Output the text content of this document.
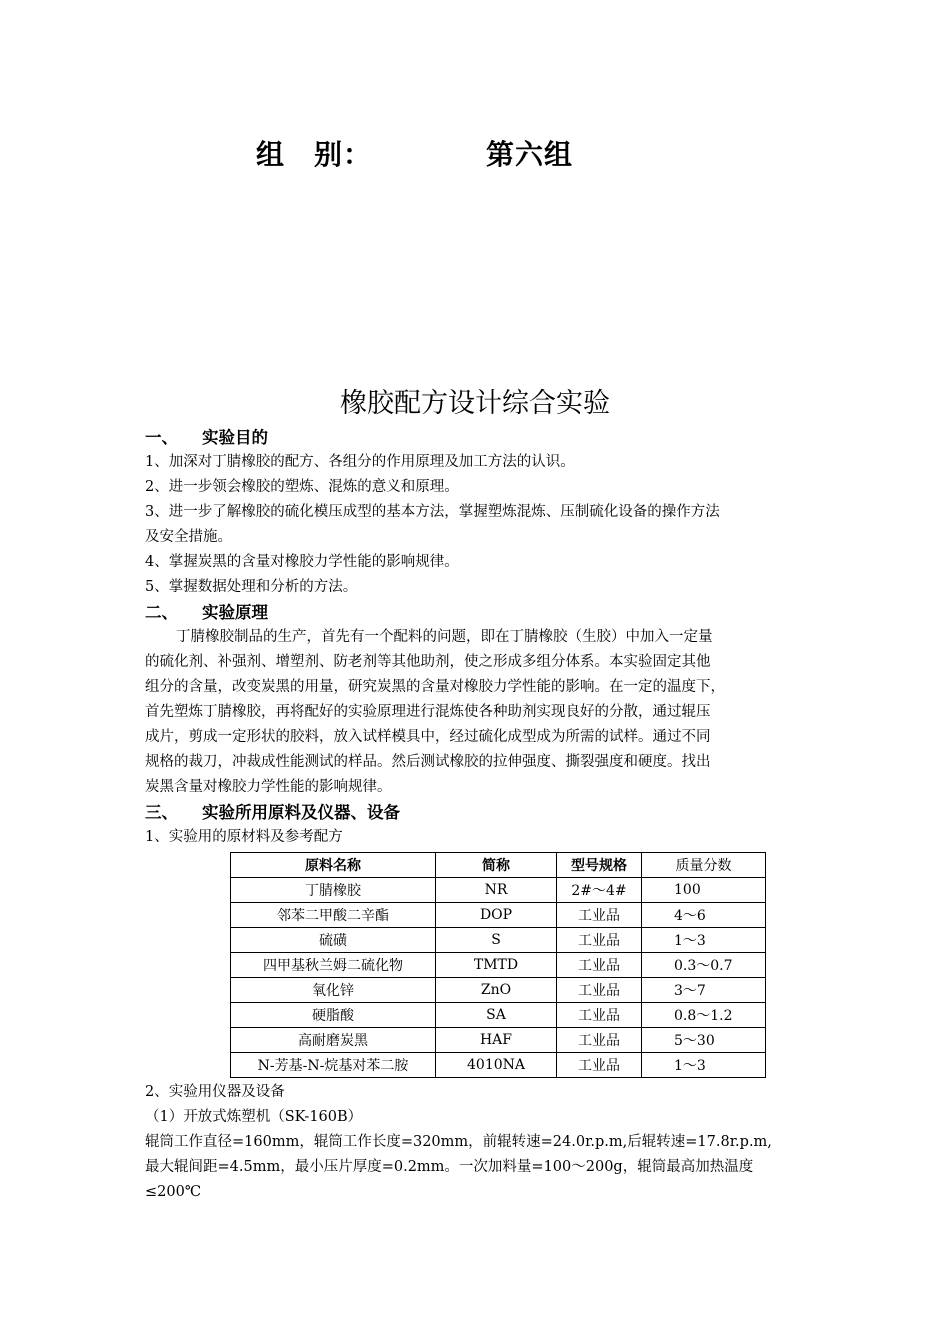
组　别：	第六组
橡胶配方设计综合实验
一、 实验目的
1、加深对丁腈橡胶的配方、各组分的作用原理及加工方法的认识。
2、进一步领会橡胶的塑炼、混炼的意义和原理。
3、进一步了解橡胶的硫化模压成型的基本方法，掌握塑炼混炼、压制硫化设备的操作方法
及安全措施。
4、掌握炭黑的含量对橡胶力学性能的影响规律。
5、掌握数据处理和分析的方法。
二、 实验原理
丁腈橡胶制品的生产，首先有一个配料的问题，即在丁腈橡胶（生胶）中加入一定量
的硫化剂、补强剂、增塑剂、防老剂等其他助剂，使之形成多组分体系。本实验固定其他
组分的含量，改变炭黑的用量，研究炭黑的含量对橡胶力学性能的影响。在一定的温度下，
首先塑炼丁腈橡胶，再将配好的实验原理进行混炼使各种助剂实现良好的分散，通过辊压
成片，剪成一定形状的胶料，放入试样模具中，经过硫化成型成为所需的试样。通过不同
规格的裁刀，冲裁成性能测试的样品。然后测试橡胶的拉伸强度、撕裂强度和硬度。找出
炭黑含量对橡胶力学性能的影响规律。
三、 实验所用原料及仪器、设备
1、实验用的原材料及参考配方
原料名称	简称	型号规格	质量分数
丁腈橡胶	NR	2#～4#	100
邻苯二甲酸二辛酯	DOP	工业品	4～6
硫磺	S	工业品	1～3
四甲基秋兰姆二硫化物	TMTD	工业品	0.3～0.7
氧化锌	ZnO	工业品	3～7
硬脂酸	SA	工业品	0.8～1.2
高耐磨炭黑	HAF	工业品	5～30
N-芳基-N-烷基对苯二胺	4010NA	工业品	1～3
2、实验用仪器及设备
（1）开放式炼塑机（SK-160B）
辊筒工作直径=160mm，辊筒工作长度=320mm，前辊转速=24.0r.p.m,后辊转速=17.8r.p.m,
最大辊间距=4.5mm，最小压片厚度=0.2mm。一次加料量=100～200g，辊筒最高加热温度
≤200℃
